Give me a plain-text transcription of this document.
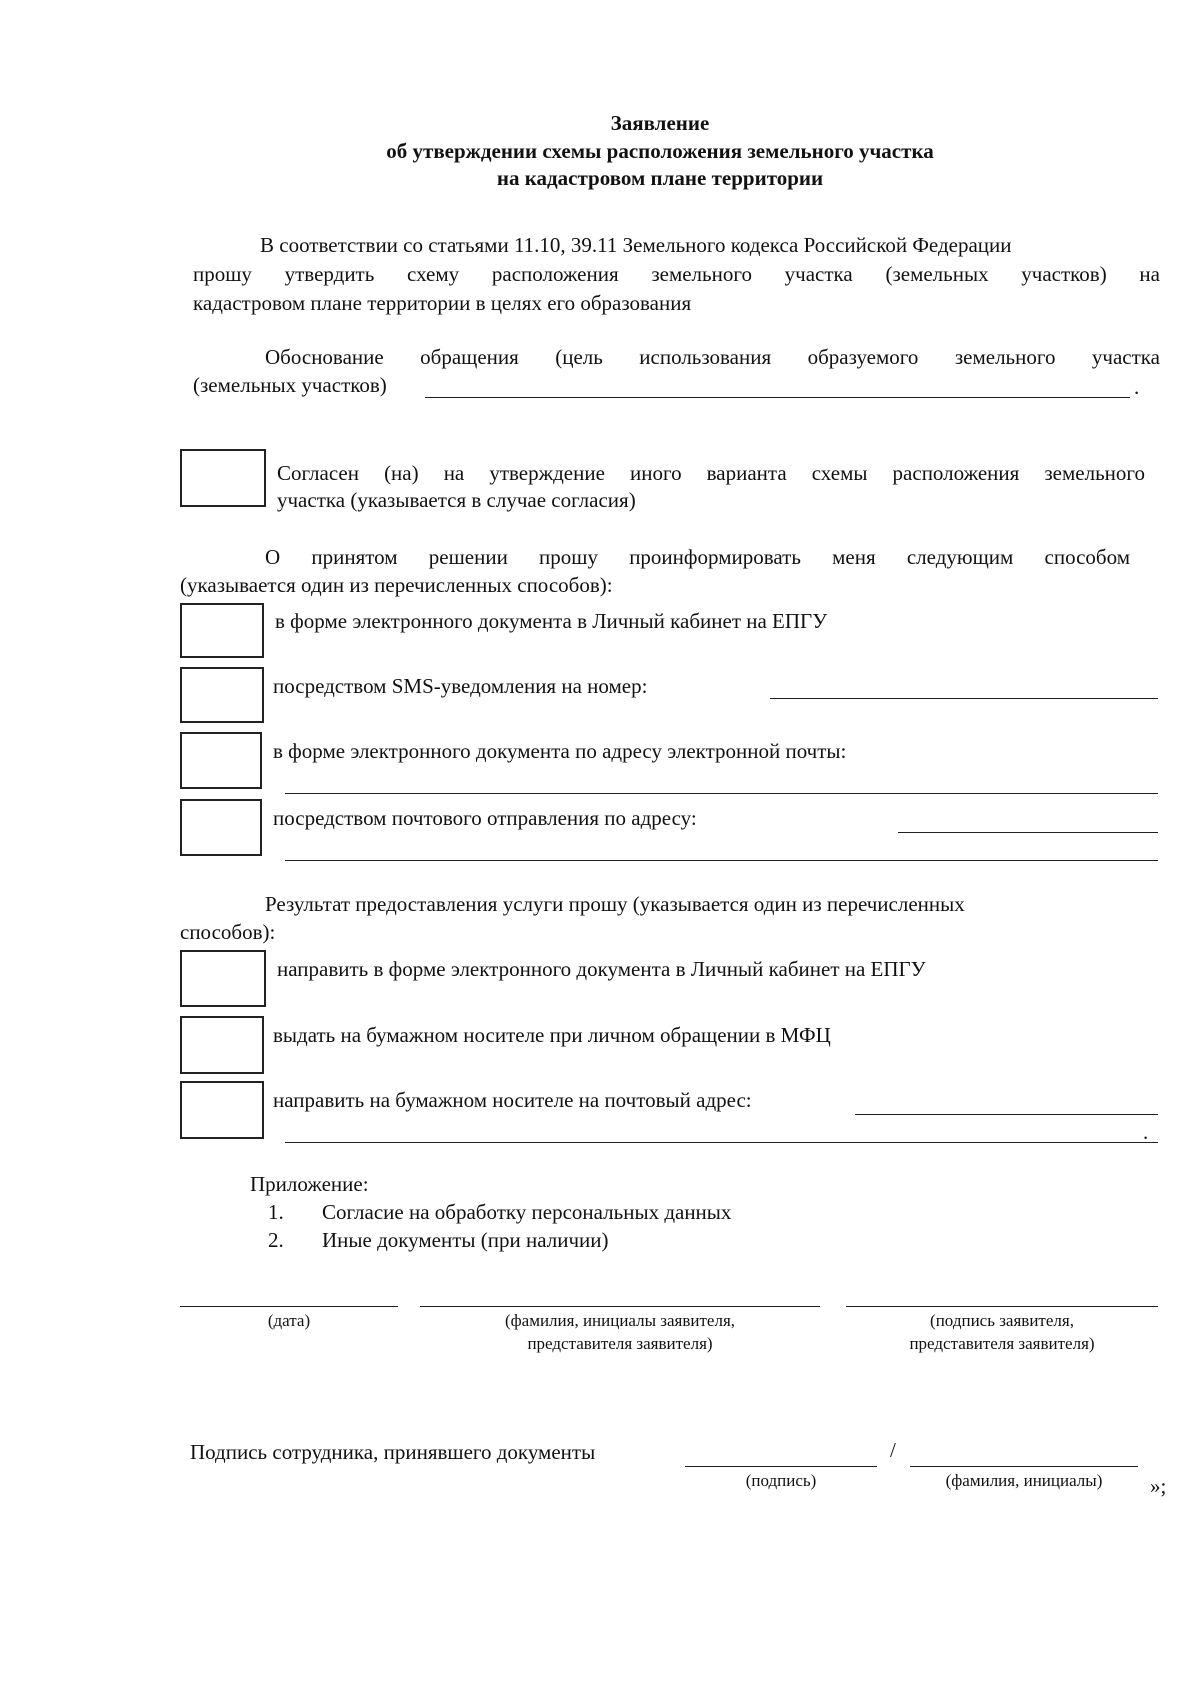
Заявление
об утверждении схемы расположения земельного участка
на кадастровом плане территории
В соответствии со статьями 11.10, 39.11 Земельного кодекса Российской Федерации
прошу утвердить схему расположения земельного участка (земельных участков) на
кадастровом плане территории в целях его образования
Обоснование обращения (цель использования образуемого земельного участка
(земельных участков)	.
Согласен (на) на утверждение иного варианта схемы расположения земельного
участка (указывается в случае согласия)
О принятом решении прошу проинформировать меня следующим способом
(указывается один из перечисленных способов):
в форме электронного документа в Личный кабинет на ЕПГУ
посредством SMS-уведомления на номер:
в форме электронного документа по адресу электронной почты:
посредством почтового отправления по адресу:
Результат предоставления услуги прошу (указывается один из перечисленных
способов):
направить в форме электронного документа в Личный кабинет на ЕПГУ
выдать на бумажном носителе при личном обращении в МФЦ
направить на бумажном носителе на почтовый адрес:
.
Приложение:
1. Согласие на обработку персональных данных
2. Иные документы (при наличии)
(дата)	(фамилия, инициалы заявителя,
представителя заявителя)
(подпись заявителя,
представителя заявителя)
Подпись сотрудника, принявшего документы	/
(подпись)	(фамилия, инициалы)	»;
